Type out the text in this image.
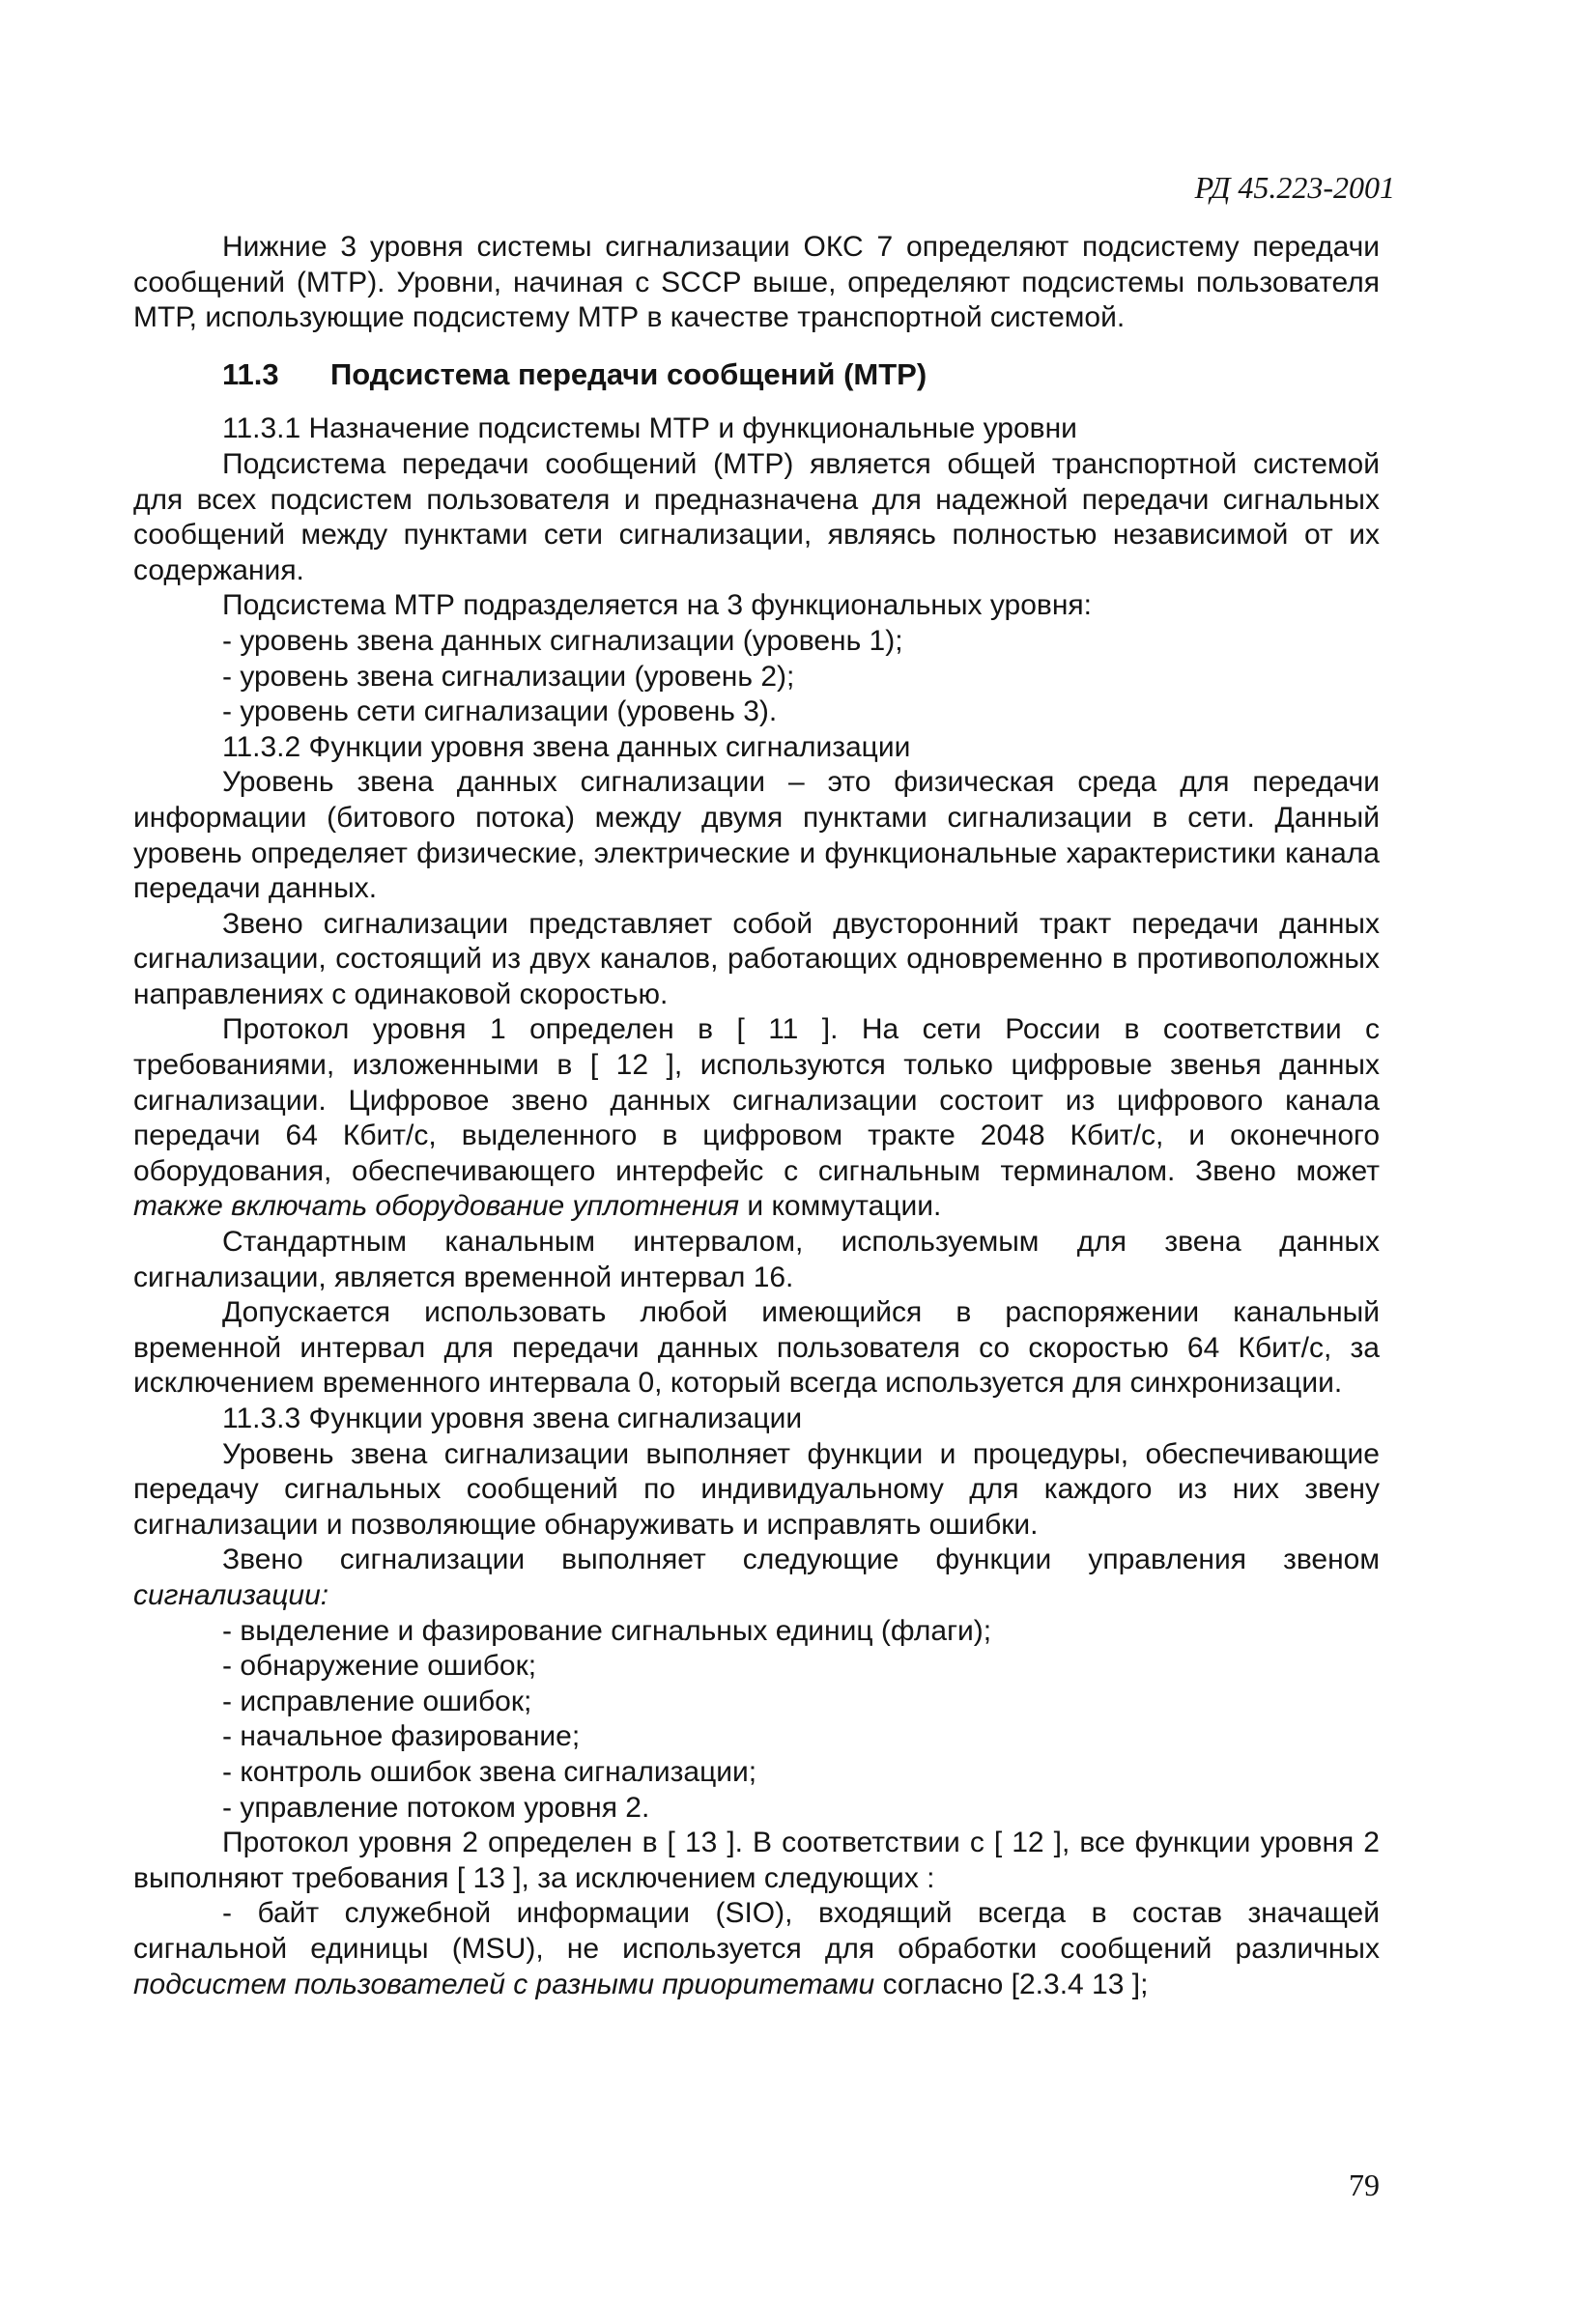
РД 45.223-2001

Нижние 3 уровня системы сигнализации ОКС 7 определяют подсистему передачи сообщений (МТР). Уровни, начиная с SCCP выше, определяют подсистемы пользователя МТР, использующие подсистему МТР в качестве транспортной системой.

11.3 Подсистема передачи сообщений (МТР)

11.3.1 Назначение подсистемы МТР и функциональные уровни

Подсистема передачи сообщений (МТР) является общей транспортной системой для всех подсистем пользователя и предназначена для надежной передачи сигнальных сообщений между пунктами сети сигнализации, являясь полностью независимой от их содержания.

Подсистема МТР подразделяется на 3 функциональных уровня:

- уровень звена данных сигнализации (уровень 1);

- уровень звена сигнализации (уровень 2);

- уровень сети сигнализации (уровень 3).

11.3.2 Функции уровня звена данных сигнализации

Уровень звена данных сигнализации – это физическая среда для передачи информации (битового потока) между двумя пунктами сигнализации в сети. Данный уровень определяет физические, электрические и функциональные характеристики канала передачи данных.

Звено сигнализации представляет собой двусторонний тракт передачи данных сигнализации, состоящий из двух каналов, работающих одновременно в противоположных направлениях с одинаковой скоростью.

Протокол уровня 1 определен в [ 11 ]. На сети России в соответствии с требованиями, изложенными в [ 12 ], используются только цифровые звенья данных сигнализации. Цифровое звено данных сигнализации состоит из цифрового канала передачи 64 Кбит/с, выделенного в цифровом тракте 2048 Кбит/с, и оконечного оборудования, обеспечивающего интерфейс с сигнальным терминалом. Звено может также включать оборудование уплотнения и коммутации.

Стандартным канальным интервалом, используемым для звена данных сигнализации, является временной интервал 16.

Допускается использовать любой имеющийся в распоряжении канальный временной интервал для передачи данных пользователя со скоростью 64 Кбит/с, за исключением временного интервала 0, который всегда используется для синхронизации.

11.3.3 Функции уровня звена сигнализации

Уровень звена сигнализации выполняет функции и процедуры, обеспечивающие передачу сигнальных сообщений по индивидуальному для каждого из них звену сигнализации и позволяющие обнаруживать и исправлять ошибки.

Звено сигнализации выполняет следующие функции управления звеном сигнализации:

- выделение и фазирование сигнальных единиц (флаги);

- обнаружение ошибок;

- исправление ошибок;

- начальное фазирование;

- контроль ошибок звена сигнализации;

- управление потоком уровня 2.

Протокол уровня 2 определен в [ 13 ]. В соответствии с [ 12 ], все функции уровня 2 выполняют требования [ 13 ], за исключением следующих :

- байт служебной информации (SIO), входящий всегда в состав значащей сигнальной единицы (MSU), не используется для обработки сообщений различных подсистем пользователей с разными приоритетами согласно [2.3.4 13 ];

79
